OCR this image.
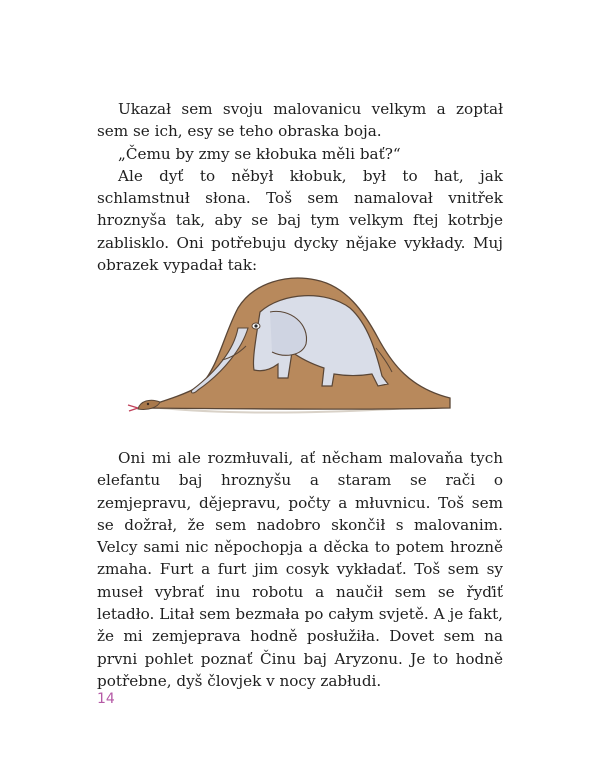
Ukazał sem svoju malovanicu velkym a zoptał sem se ich, esy se teho obraska boja.

„Čemu by zmy se kłobuka měli bať?“

Ale dyť to něbył kłobuk, był to hat, jak schlamstnuł słona. Toš sem namalovał vnitřek hroznyša tak, aby se baj tym velkym ftej kotrbje zablisklo. Oni potřebuju dycky nějake vykłady. Muj obrazek vypadał tak:

Oni mi ale rozmłuvali, ať něcham malovaňa tych elefantu baj hroznyšu a staram se rači o zemjepravu, dějepravu, počty a młuvnicu. Toš sem se dožrał, že sem nadobro skončił s malovanim. Velcy sami nic něpochopja a děcka to potem hrozně zmaha. Furt a furt jim cosyk vykładať. Toš sem sy museł vybrať inu robotu a naučił sem se řyďiť letadło. Litał sem bezmała po całym svjetě. A je fakt, že mi zemjeprava hodně posłužiła. Dovet sem na prvni pohlet poznať Činu baj Aryzonu. Je to hodně potřebne, dyš človjek v nocy zabłudi.

14
